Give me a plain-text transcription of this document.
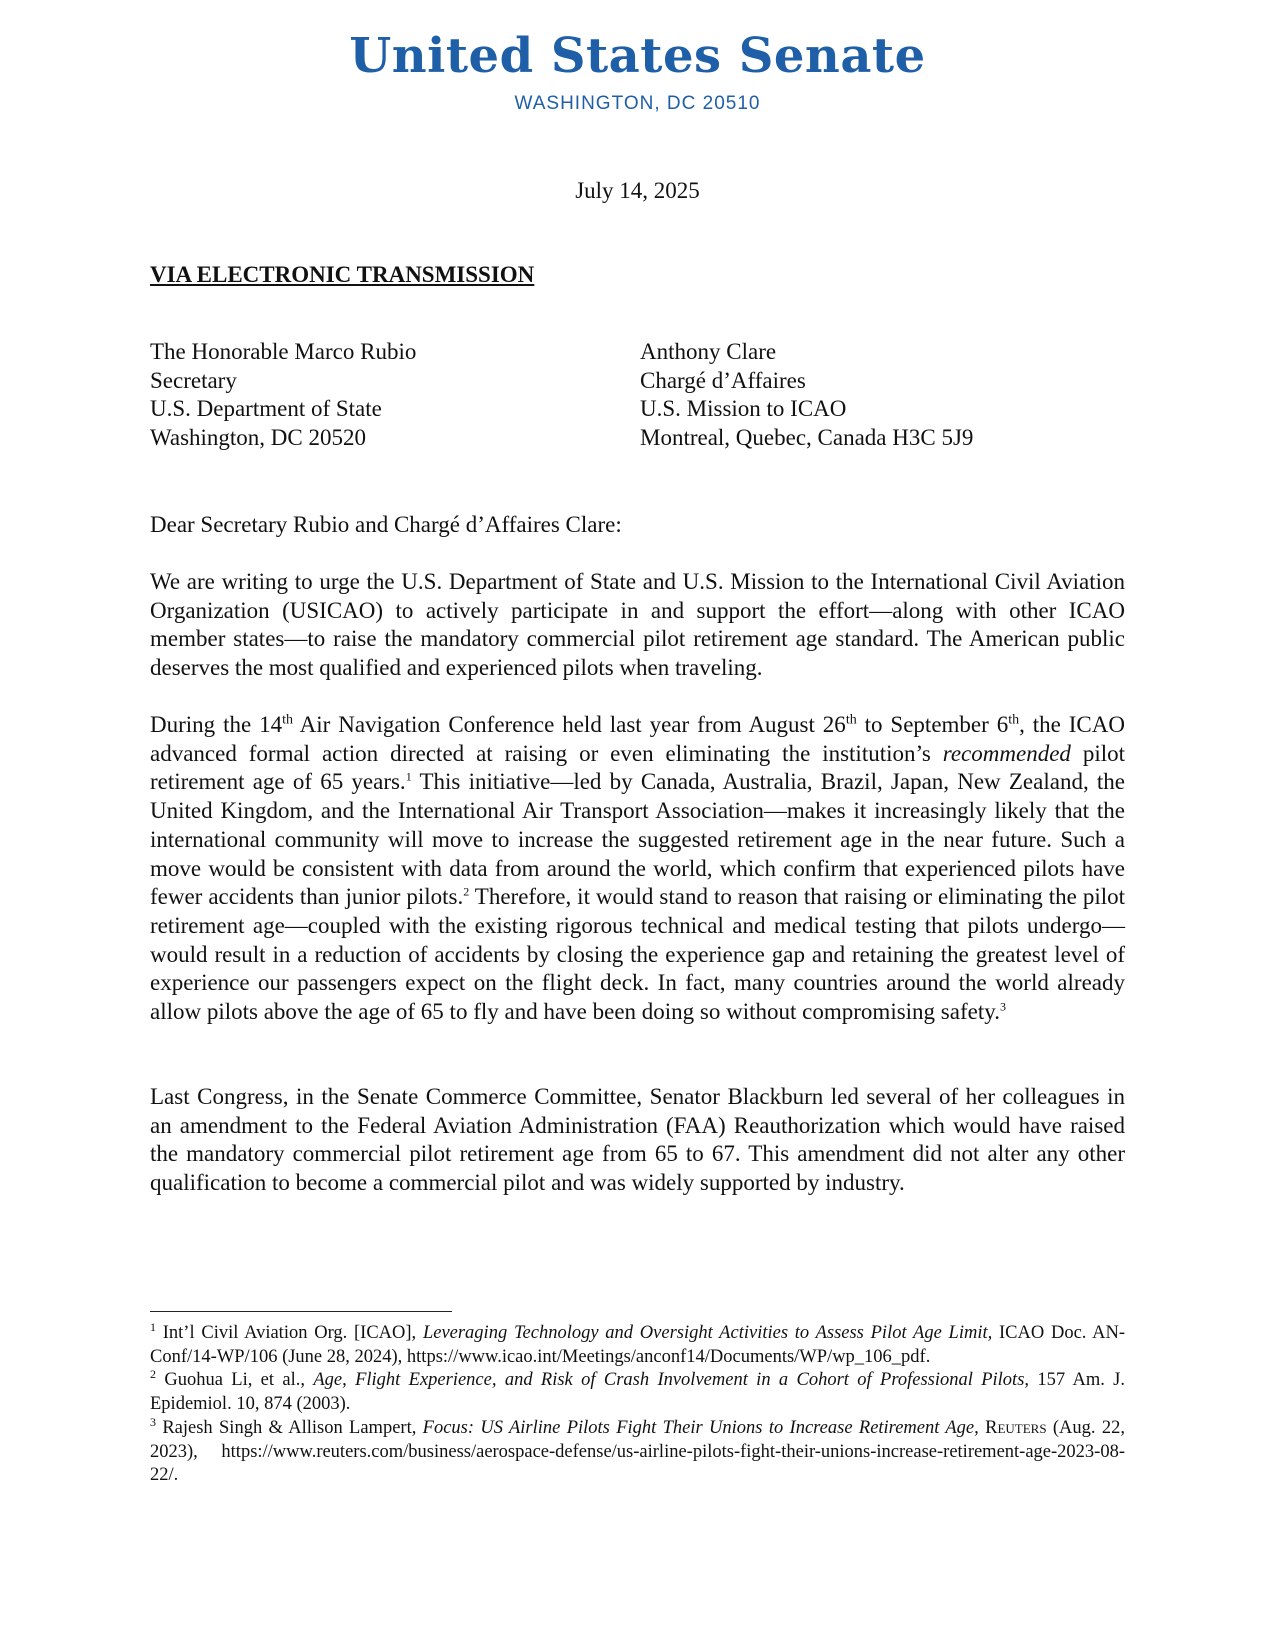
United States Senate
WASHINGTON, DC 20510
July 14, 2025
VIA ELECTRONIC TRANSMISSION
The Honorable Marco Rubio
Secretary
U.S. Department of State
Washington, DC 20520
Anthony Clare
Chargé d’Affaires
U.S. Mission to ICAO
Montreal, Quebec, Canada H3C 5J9
Dear Secretary Rubio and Chargé d’Affaires Clare:

We are writing to urge the U.S. Department of State and U.S. Mission to the International Civil Aviation Organization (USICAO) to actively participate in and support the effort—along with other ICAO member states—to raise the mandatory commercial pilot retirement age standard. The American public deserves the most qualified and experienced pilots when traveling.

During the 14th Air Navigation Conference held last year from August 26th to September 6th, the ICAO advanced formal action directed at raising or even eliminating the institution’s recommended pilot retirement age of 65 years.$^1$ This initiative—led by Canada, Australia, Brazil, Japan, New Zealand, the United Kingdom, and the International Air Transport Association—makes it increasingly likely that the international community will move to increase the suggested retirement age in the near future. Such a move would be consistent with data from around the world, which confirm that experienced pilots have fewer accidents than junior pilots.$^2$ Therefore, it would stand to reason that raising or eliminating the pilot retirement age—coupled with the existing rigorous technical and medical testing that pilots undergo—would result in a reduction of accidents by closing the experience gap and retaining the greatest level of experience our passengers expect on the flight deck. In fact, many countries around the world already allow pilots above the age of 65 to fly and have been doing so without compromising safety.$^3$

Last Congress, in the Senate Commerce Committee, Senator Blackburn led several of her colleagues in an amendment to the Federal Aviation Administration (FAA) Reauthorization which would have raised the mandatory commercial pilot retirement age from 65 to 67. This amendment did not alter any other qualification to become a commercial pilot and was widely supported by industry.

$^1$ Int’l Civil Aviation Org. [ICAO], Leveraging Technology and Oversight Activities to Assess Pilot Age Limit, ICAO Doc. AN-Conf/14-WP/106 (June 28, 2024), https://www.icao.int/Meetings/anconf14/Documents/WP/wp_106_pdf.

$^2$ Guohua Li, et al., Age, Flight Experience, and Risk of Crash Involvement in a Cohort of Professional Pilots, 157 Am. J. Epidemiol. 10, 874 (2003).

$^3$ Rajesh Singh & Allison Lampert, Focus: US Airline Pilots Fight Their Unions to Increase Retirement Age, Reuters (Aug. 22, 2023), https://www.reuters.com/business/aerospace-defense/us-airline-pilots-fight-their-unions-increase-retirement-age-2023-08-22/.
